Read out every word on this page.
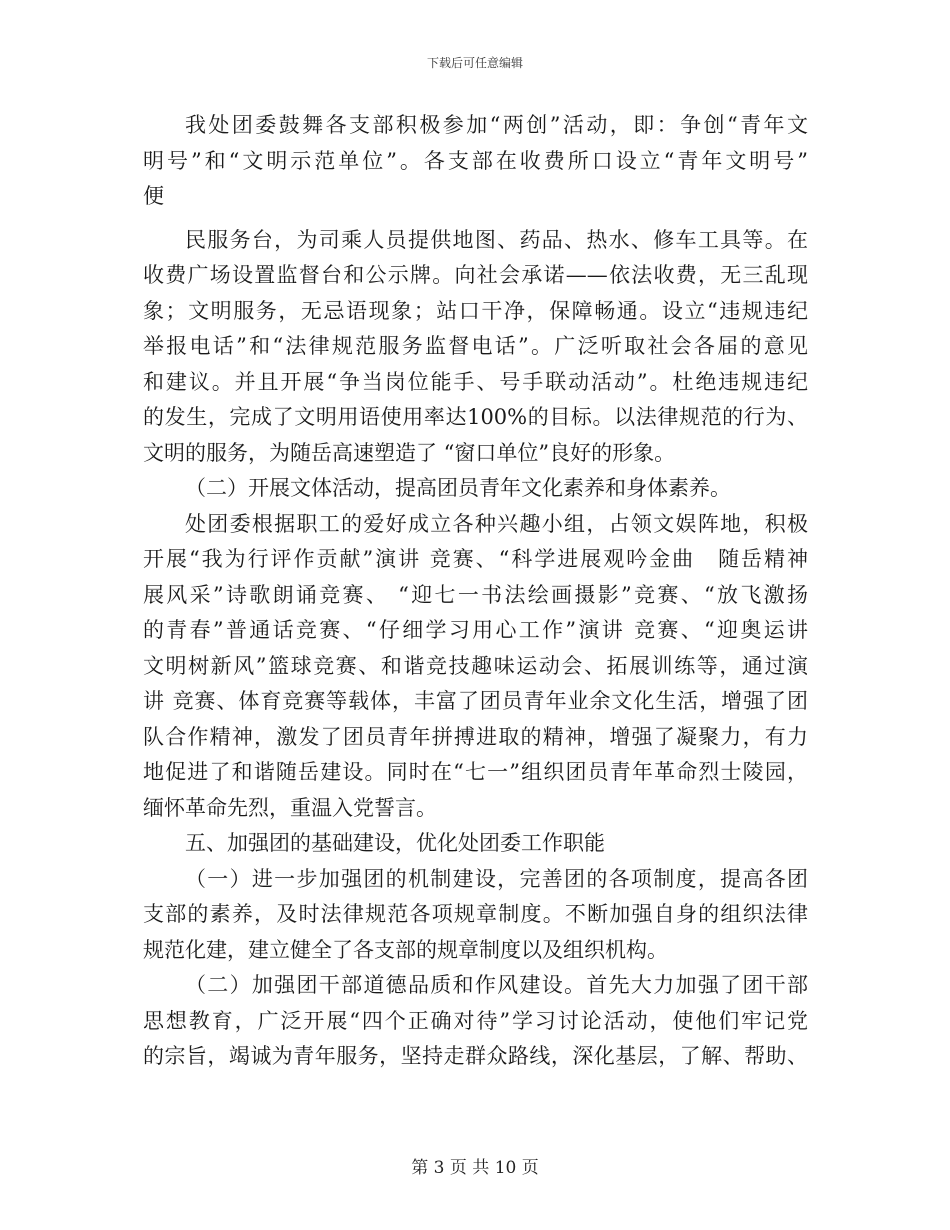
下载后可任意编辑
我处团委鼓舞各支部积极参加“两创”活动，即：争创“青年文
明号”和“文明示范单位”。各支部在收费所口设立“青年文明号”
便
民服务台，为司乘人员提供地图、药品、热水、修车工具等。在
收费广场设置监督台和公示牌。向社会承诺——依法收费，无三乱现
象；文明服务，无忌语现象；站口干净，保障畅通。设立“违规违纪
举报电话”和“法律规范服务监督电话”。广泛听取社会各届的意见
和建议。并且开展“争当岗位能手、号手联动活动”。杜绝违规违纪
的发生，完成了文明用语使用率达100%的目标。以法律规范的行为、
文明的服务，为随岳高速塑造了 “窗口单位”良好的形象。
（二）开展文体活动，提高团员青年文化素养和身体素养。
处团委根据职工的爱好成立各种兴趣小组，占领文娱阵地，积极
开展“我为行评作贡献”演讲 竞赛、“科学进展观吟金曲　随岳精神
展风采”诗歌朗诵竞赛、 “迎七一书法绘画摄影”竞赛、“放飞激扬
的青春”普通话竞赛、“仔细学习用心工作”演讲 竞赛、“迎奥运讲
文明树新风”篮球竞赛、和谐竞技趣味运动会、拓展训练等，通过演
讲 竞赛、体育竞赛等载体，丰富了团员青年业余文化生活，增强了团
队合作精神，激发了团员青年拼搏进取的精神，增强了凝聚力，有力
地促进了和谐随岳建设。同时在“七一”组织团员青年革命烈士陵园，
缅怀革命先烈，重温入党誓言。
五、加强团的基础建设，优化处团委工作职能
（一）进一步加强团的机制建设，完善团的各项制度，提高各团
支部的素养，及时法律规范各项规章制度。不断加强自身的组织法律
规范化建，建立健全了各支部的规章制度以及组织机构。
（二）加强团干部道德品质和作风建设。首先大力加强了团干部
思想教育，广泛开展“四个正确对待”学习讨论活动，使他们牢记党
的宗旨，竭诚为青年服务，坚持走群众路线，深化基层，了解、帮助、
第 3 页 共 10 页
